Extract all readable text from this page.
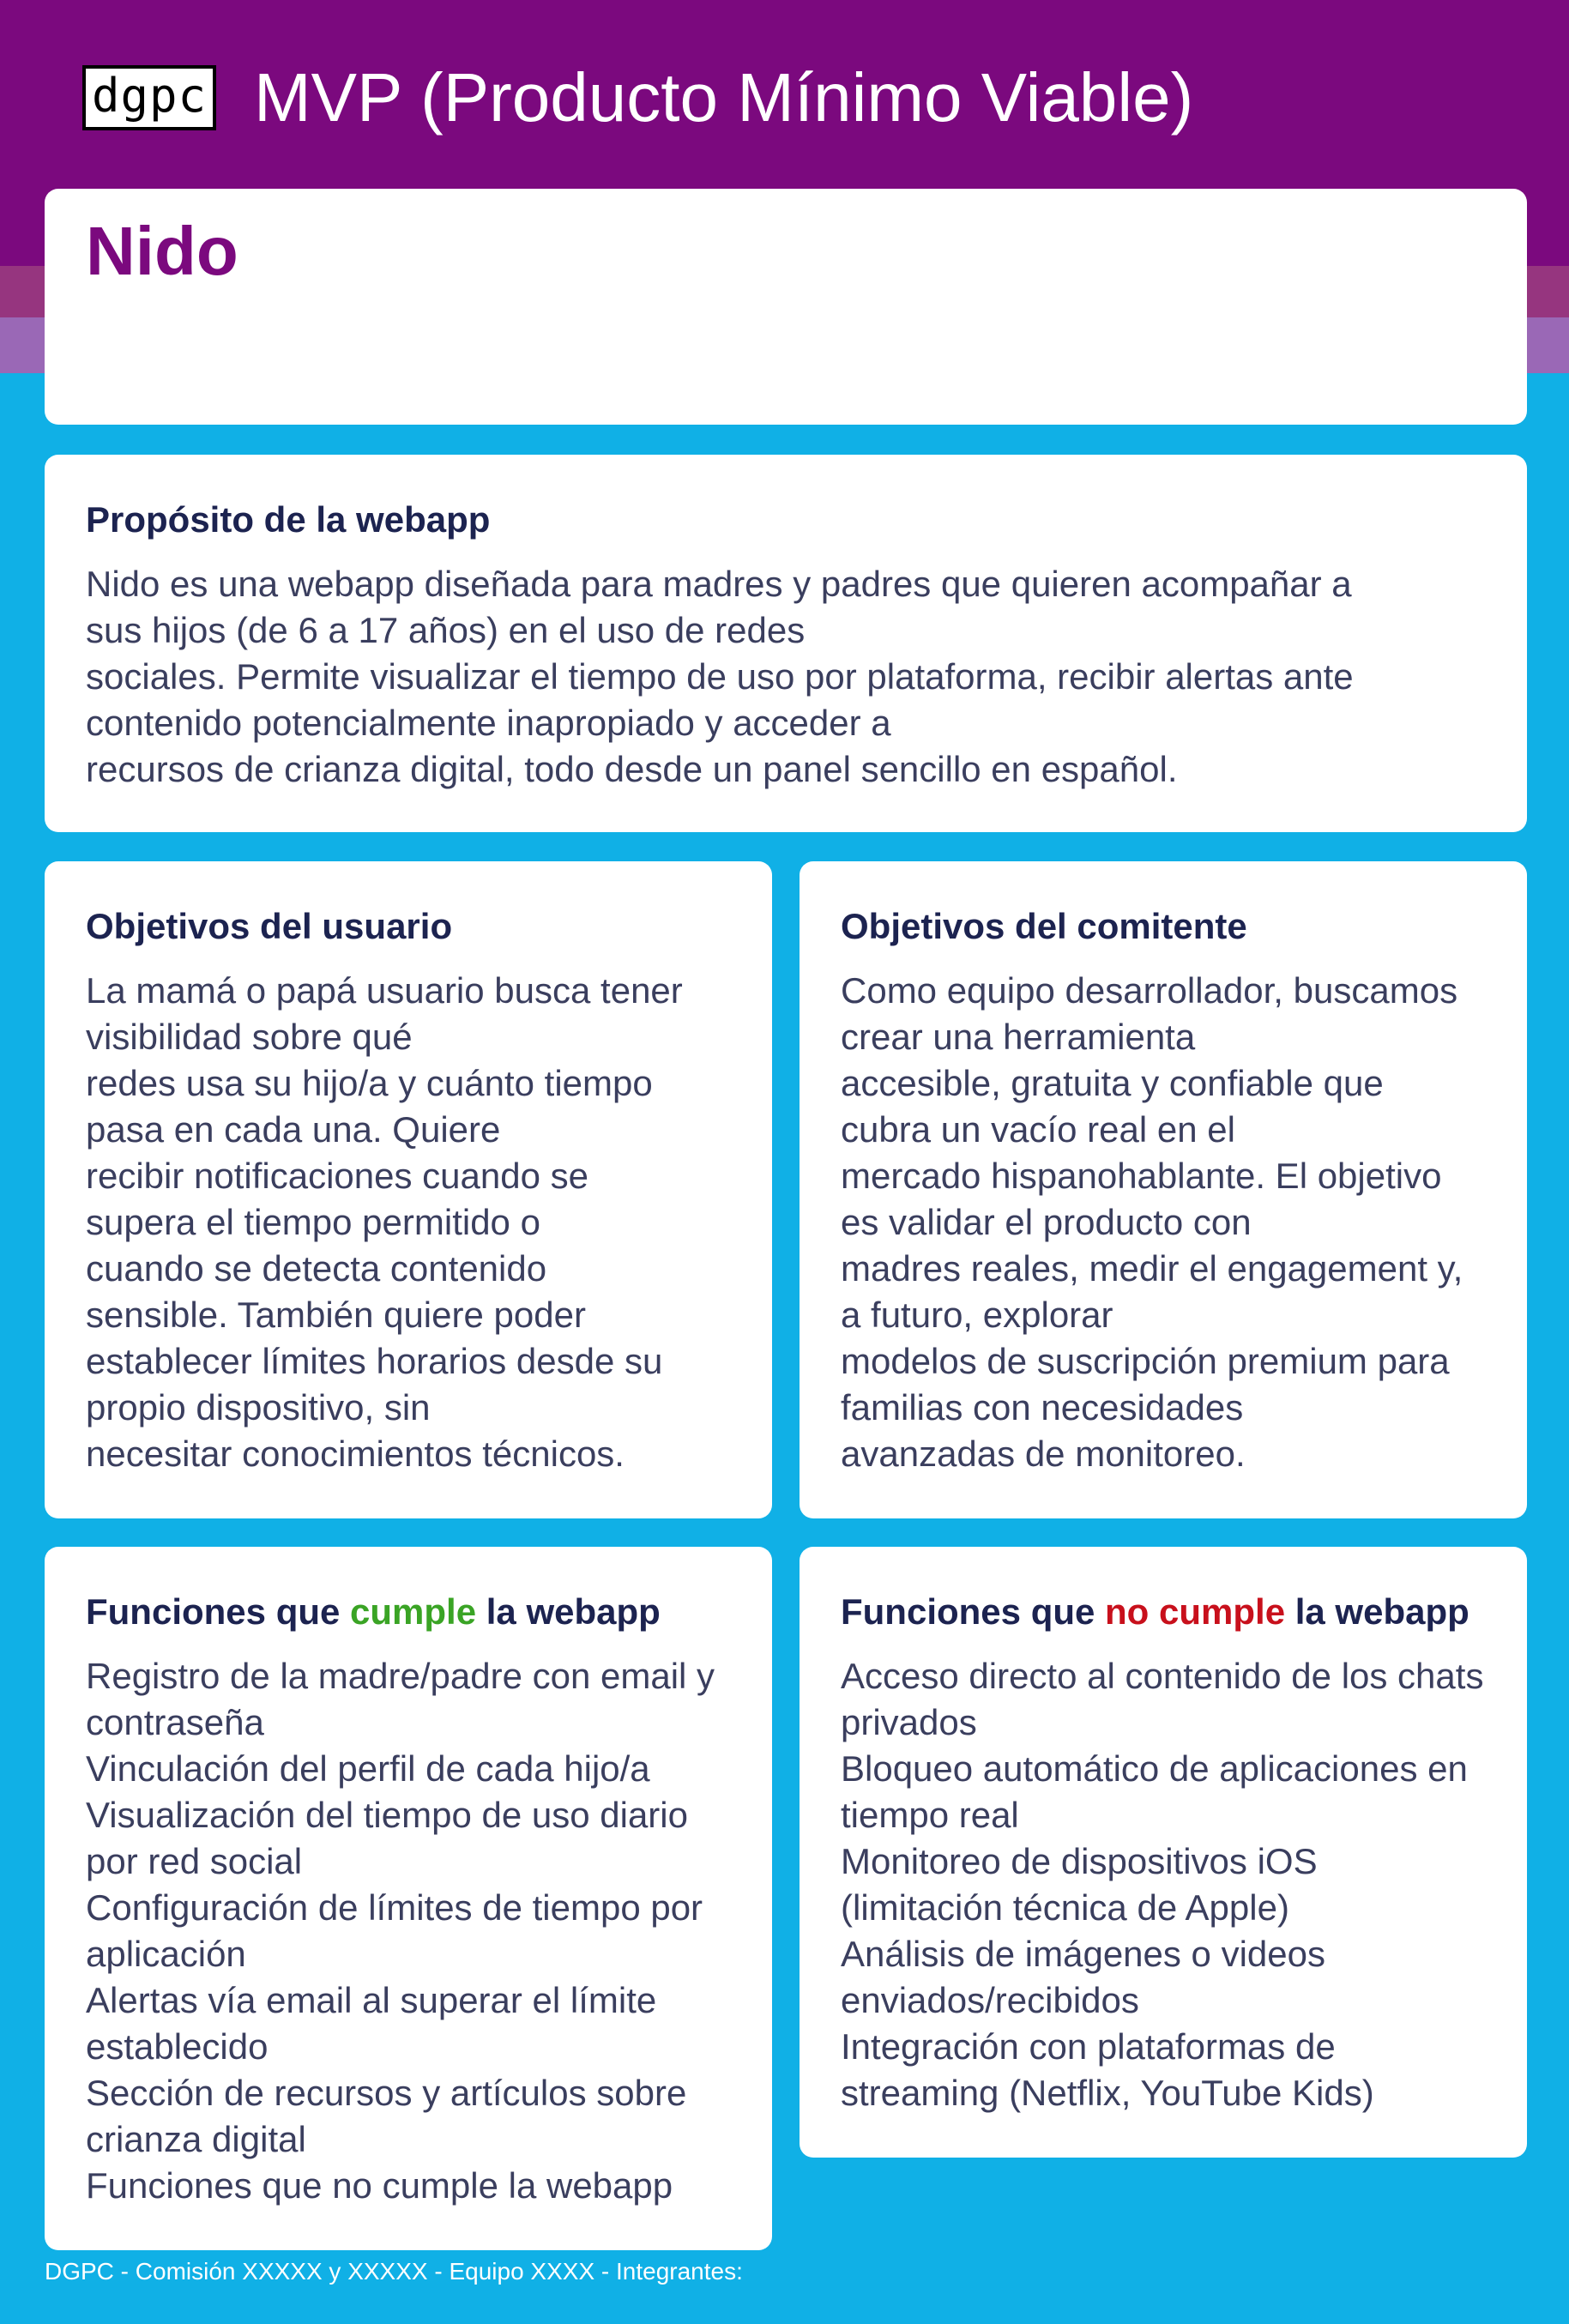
dgpc MVP (Producto Mínimo Viable)

Nido

Propósito de la webapp

Nido es una webapp diseñada para madres y padres que quieren acompañar a
sus hijos (de 6 a 17 años) en el uso de redes
sociales. Permite visualizar el tiempo de uso por plataforma, recibir alertas ante
contenido potencialmente inapropiado y acceder a
recursos de crianza digital, todo desde un panel sencillo en español.

Objetivos del usuario

La mamá o papá usuario busca tener
visibilidad sobre qué
redes usa su hijo/a y cuánto tiempo
pasa en cada una. Quiere
recibir notificaciones cuando se
supera el tiempo permitido o
cuando se detecta contenido
sensible. También quiere poder
establecer límites horarios desde su
propio dispositivo, sin
necesitar conocimientos técnicos.

Objetivos del comitente

Como equipo desarrollador, buscamos
crear una herramienta
accesible, gratuita y confiable que
cubra un vacío real en el
mercado hispanohablante. El objetivo
es validar el producto con
madres reales, medir el engagement y,
a futuro, explorar
modelos de suscripción premium para
familias con necesidades
avanzadas de monitoreo.

Funciones que cumple la webapp
Registro de la madre/padre con email y contraseña
Vinculación del perfil de cada hijo/a
Visualización del tiempo de uso diario por red social
Configuración de límites de tiempo por aplicación
Alertas vía email al superar el límite establecido
Sección de recursos y artículos sobre crianza digital
Funciones que no cumple la webapp
Funciones que no cumple la webapp
Acceso directo al contenido de los chats privados
Bloqueo automático de aplicaciones en tiempo real
Monitoreo de dispositivos iOS (limitación técnica de Apple)
Análisis de imágenes o videos enviados/recibidos
Integración con plataformas de streaming (Netflix, YouTube Kids)
DGPC - Comisión XXXXX y XXXXX - Equipo XXXX - Integrantes:
